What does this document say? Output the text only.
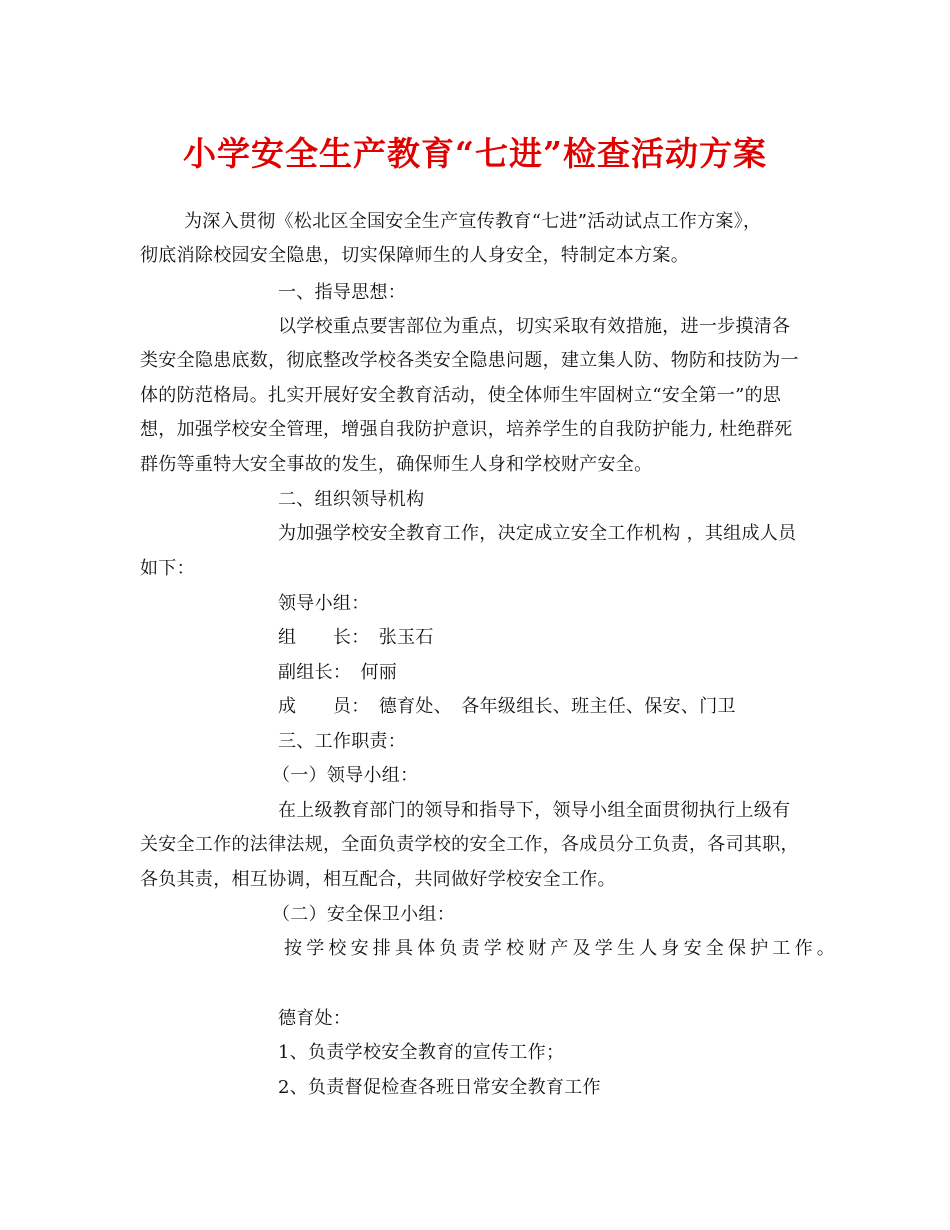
小学安全生产教育“七进”检查活动方案
为深入贯彻《松北区全国安全生产宣传教育“七进”活动试点工作方案》，
彻底消除校园安全隐患，切实保障师生的人身安全，特制定本方案。
一、指导思想：
以学校重点要害部位为重点，切实采取有效措施，进一步摸清各
类安全隐患底数，彻底整改学校各类安全隐患问题，建立集人防、物防和技防为一
体的防范格局。扎实开展好安全教育活动，使全体师生牢固树立“安全第一”的思
想，加强学校安全管理，增强自我防护意识，培养学生的自我防护能力, 杜绝群死
群伤等重特大安全事故的发生，确保师生人身和学校财产安全。
二、组织领导机构
为加强学校安全教育工作，决定成立安全工作机构 ，其组成人员
如下：
领导小组：
组　　长：　张玉石
副组长：　何丽
成　　员：　德育处、　各年级组长、班主任、保安、门卫
三、工作职责：
（一）领导小组：
在上级教育部门的领导和指导下，领导小组全面贯彻执行上级有
关安全工作的法律法规，全面负责学校的安全工作，各成员分工负责，各司其职，
各负其责，相互协调，相互配合，共同做好学校安全工作。
（二）安全保卫小组：
按学校安排具体负责学校财产及学生人身安全保护工作。
德育处：
1、负责学校安全教育的宣传工作；
2、负责督促检查各班日常安全教育工作
